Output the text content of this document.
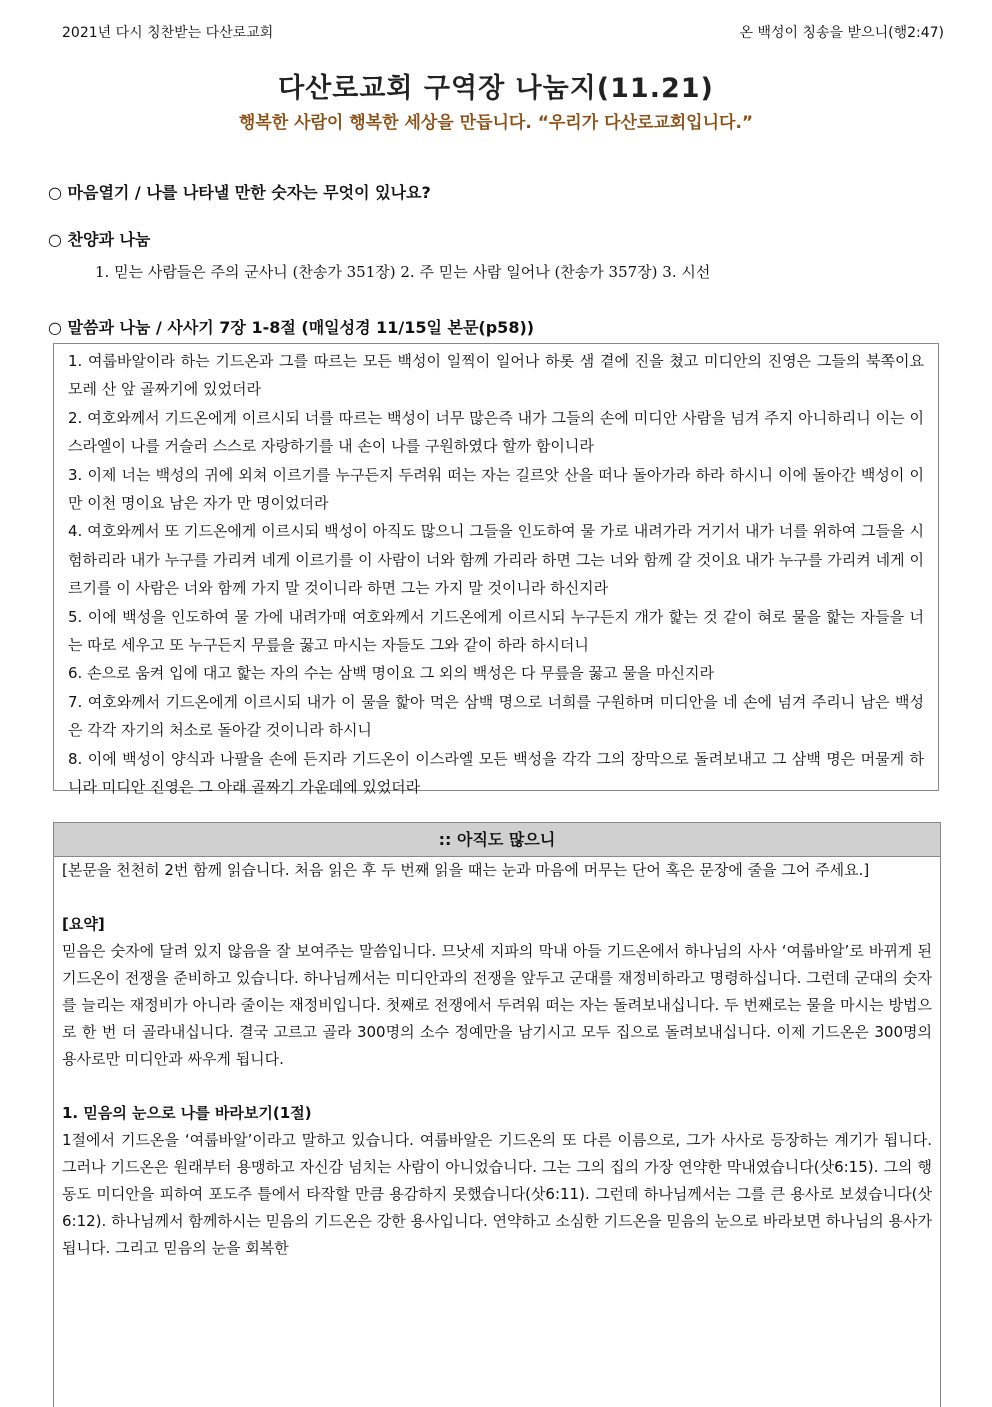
2021년 다시 칭찬받는 다산로교회	온 백성이 칭송을 받으니(행2:47)
다산로교회 구역장 나눔지(11.21)
행복한 사람이 행복한 세상을 만듭니다. “우리가 다산로교회입니다.”
○ 마음열기 / 나를 나타낼 만한 숫자는 무엇이 있나요?
○ 찬양과 나눔
1. 믿는 사람들은 주의 군사니 (찬송가 351장) 2. 주 믿는 사람 일어나 (찬송가 357장) 3. 시선
○ 말씀과 나눔 / 사사기 7장 1-8절 (매일성경 11/15일 본문(p58))

1. 여룹바알이라 하는 기드온과 그를 따르는 모든 백성이 일찍이 일어나 하롯 샘 곁에 진을 쳤고 미디안의 진영은 그들의 북쪽이요 모레 산 앞 골짜기에 있었더라

2. 여호와께서 기드온에게 이르시되 너를 따르는 백성이 너무 많은즉 내가 그들의 손에 미디안 사람을 넘겨 주지 아니하리니 이는 이스라엘이 나를 거슬러 스스로 자랑하기를 내 손이 나를 구원하였다 할까 함이니라

3. 이제 너는 백성의 귀에 외쳐 이르기를 누구든지 두려워 떠는 자는 길르앗 산을 떠나 돌아가라 하라 하시니 이에 돌아간 백성이 이만 이천 명이요 남은 자가 만 명이었더라

4. 여호와께서 또 기드온에게 이르시되 백성이 아직도 많으니 그들을 인도하여 물 가로 내려가라 거기서 내가 너를 위하여 그들을 시험하리라 내가 누구를 가리켜 네게 이르기를 이 사람이 너와 함께 가리라 하면 그는 너와 함께 갈 것이요 내가 누구를 가리켜 네게 이르기를 이 사람은 너와 함께 가지 말 것이니라 하면 그는 가지 말 것이니라 하신지라

5. 이에 백성을 인도하여 물 가에 내려가매 여호와께서 기드온에게 이르시되 누구든지 개가 핥는 것 같이 혀로 물을 핥는 자들을 너는 따로 세우고 또 누구든지 무릎을 꿇고 마시는 자들도 그와 같이 하라 하시더니

6. 손으로 움켜 입에 대고 핥는 자의 수는 삼백 명이요 그 외의 백성은 다 무릎을 꿇고 물을 마신지라

7. 여호와께서 기드온에게 이르시되 내가 이 물을 핥아 먹은 삼백 명으로 너희를 구원하며 미디안을 네 손에 넘겨 주리니 남은 백성은 각각 자기의 처소로 돌아갈 것이니라 하시니

8. 이에 백성이 양식과 나팔을 손에 든지라 기드온이 이스라엘 모든 백성을 각각 그의 장막으로 돌려보내고 그 삼백 명은 머물게 하니라 미디안 진영은 그 아래 골짜기 가운데에 있었더라

:: 아직도 많으니

[본문을 천천히 2번 함께 읽습니다. 처음 읽은 후 두 번째 읽을 때는 눈과 마음에 머무는 단어 혹은 문장에 줄을 그어 주세요.]

[요약]

믿음은 숫자에 달려 있지 않음을 잘 보여주는 말씀입니다. 므낫세 지파의 막내 아들 기드온에서 하나님의 사사 ‘여룹바알’로 바뀌게 된 기드온이 전쟁을 준비하고 있습니다. 하나님께서는 미디안과의 전쟁을 앞두고 군대를 재정비하라고 명령하십니다. 그런데 군대의 숫자를 늘리는 재정비가 아니라 줄이는 재정비입니다. 첫째로 전쟁에서 두려워 떠는 자는 돌려보내십니다. 두 번째로는 물을 마시는 방법으로 한 번 더 골라내십니다. 결국 고르고 골라 300명의 소수 정예만을 남기시고 모두 집으로 돌려보내십니다. 이제 기드온은 300명의 용사로만 미디안과 싸우게 됩니다.

1. 믿음의 눈으로 나를 바라보기(1절)

1절에서 기드온을 ‘여룹바알’이라고 말하고 있습니다. 여룹바알은 기드온의 또 다른 이름으로, 그가 사사로 등장하는 계기가 됩니다. 그러나 기드온은 원래부터 용맹하고 자신감 넘치는 사람이 아니었습니다. 그는 그의 집의 가장 연약한 막내였습니다(삿6:15). 그의 행동도 미디안을 피하여 포도주 틀에서 타작할 만큼 용감하지 못했습니다(삿6:11). 그런데 하나님께서는 그를 큰 용사로 보셨습니다(삿6:12). 하나님께서 함께하시는 믿음의 기드온은 강한 용사입니다. 연약하고 소심한 기드온을 믿음의 눈으로 바라보면 하나님의 용사가 됩니다. 그리고 믿음의 눈을 회복한
